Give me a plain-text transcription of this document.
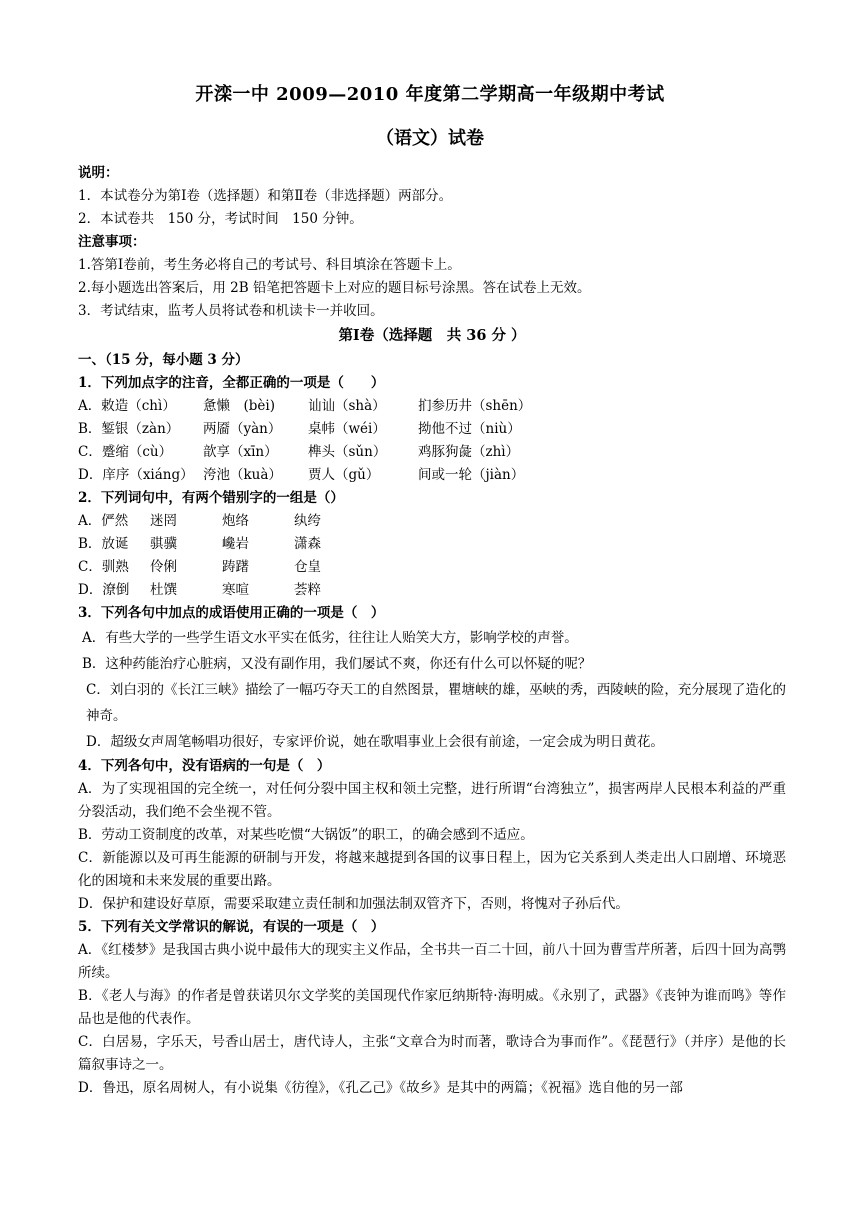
开滦一中 2009—2010 年度第二学期高一年级期中考试
（语文）试卷
说明：
1．本试卷分为第Ⅰ卷（选择题）和第Ⅱ卷（非选择题）两部分。
2．本试卷共　150 分，考试时间　150 分钟。
注意事项：
1.答第Ⅰ卷前，考生务必将自己的考试号、科目填涂在答题卡上。
2.每小题选出答案后，用 2B 铅笔把答题卡上对应的题目标号涂黑。答在试卷上无效。
3．考试结束，监考人员将试卷和机读卡一并收回。
第Ⅰ卷（选择题　共 36 分 ）
一、（15 分，每小题 3 分）
1．下列加点字的注音，全都正确的一项是（　　）
A．敕造（chì） 惫懒　(bèi) 讪讪（shà） 扪参历井（shēn）
B．錾银（zàn） 两靥（yàn） 桌帏（wéi） 拗他不过（niù）
C．蹙缩（cù） 歆享（xīn） 榫头（sǔn） 鸡豚狗彘（zhì）
D．庠序（xiáng） 洿池（kuà） 贾人（gǔ）	间或一轮（jiàn）
2．下列词句中，有两个错别字的一组是（）
A．俨然 迷罔	炮络	纨绔
B．放诞 骐骥	巉岩	潇森
C．驯熟 伶俐	踌躇	仓皇
D．潦倒 杜馔	寒喧	荟粹
3．下列各句中加点的成语使用正确的一项是（　）
A．有些大学的一些学生语文水平实在低劣，往往让人贻笑大方，影响学校的声誉。
B．这种药能治疗心脏病，又没有副作用，我们屡试不爽，你还有什么可以怀疑的呢？
C．刘白羽的《长江三峡》描绘了一幅巧夺天工的自然图景，瞿塘峡的雄，巫峡的秀，西陵峡的险，充分展现了造化的神奇。
D．超级女声周笔畅唱功很好，专家评价说，她在歌唱事业上会很有前途，一定会成为明日黄花。
4．下列各句中，没有语病的一句是（　）
A．为了实现祖国的完全统一，对任何分裂中国主权和领土完整，进行所谓“台湾独立”，损害两岸人民根本利益的严重分裂活动，我们绝不会坐视不管。
B．劳动工资制度的改革，对某些吃惯“大锅饭”的职工，的确会感到不适应。
C．新能源以及可再生能源的研制与开发，将越来越提到各国的议事日程上，因为它关系到人类走出人口剧增、环境恶化的困境和未来发展的重要出路。
D．保护和建设好草原，需要采取建立责任制和加强法制双管齐下，否则，将愧对子孙后代。
5．下列有关文学常识的解说，有误的一项是（　）
A．《红楼梦》是我国古典小说中最伟大的现实主义作品，全书共一百二十回，前八十回为曹雪芹所著，后四十回为高鹗所续。
B．《老人与海》的作者是曾获诺贝尔文学奖的美国现代作家厄纳斯特·海明威。《永别了，武器》《丧钟为谁而鸣》等作品也是他的代表作。
C．白居易，字乐天，号香山居士，唐代诗人，主张“文章合为时而著，歌诗合为事而作”。《琵琶行》（并序）是他的长篇叙事诗之一。
D．鲁迅，原名周树人，有小说集《彷徨》，《孔乙己》《故乡》是其中的两篇；《祝福》选自他的另一部
